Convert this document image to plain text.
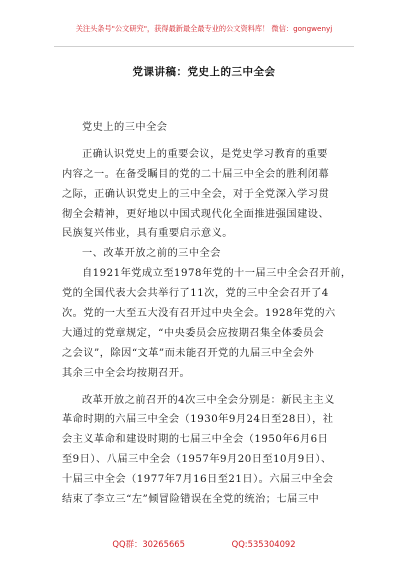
关注头条号"公文研究"，获得最新最全最专业的公文资料库！ 微信：gongwenyj
党课讲稿：党史上的三中全会
党史上的三中全会
正确认识党史上的重要会议，是党史学习教育的重要
内容之一。在备受瞩目的党的二十届三中全会的胜利闭幕
之际，正确认识党史上的三中全会，对于全党深入学习贯
彻全会精神，更好地以中国式现代化全面推进强国建设、
民族复兴伟业，具有重要启示意义。
一、改革开放之前的三中全会
自1921年党成立至1978年党的十一届三中全会召开前，
党的全国代表大会共举行了11次，党的三中全会召开了4
次。党的一大至五大没有召开过中央全会。1928年党的六
大通过的党章规定，“中央委员会应按期召集全体委员会
之会议”，除因“文革”而未能召开党的九届三中全会外
其余三中全会均按期召开。
改革开放之前召开的4次三中全会分别是：新民主主义
革命时期的六届三中全会（1930年9月24日至28日），社
会主义革命和建设时期的七届三中全会（1950年6月6日
至9日）、八届三中全会（1957年9月20日至10月9日）、
十届三中全会（1977年7月16日至21日）。六届三中全会
结束了李立三“左”倾冒险错误在全党的统治；七届三中
QQ群：30265665	QQ:535304092
